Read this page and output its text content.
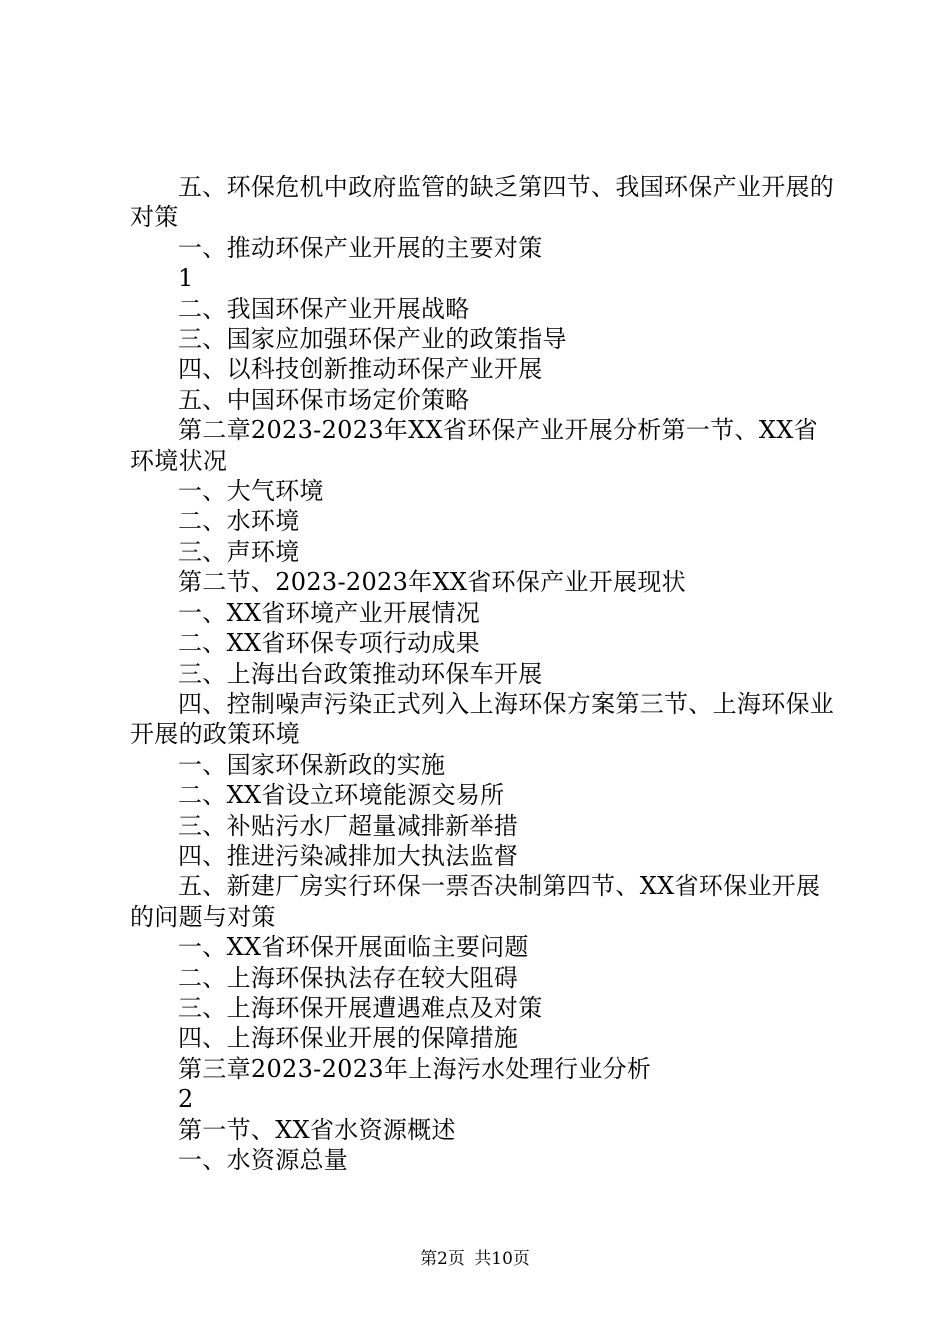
五、环保危机中政府监管的缺乏第四节、我国环保产业开展的对策

一、推动环保产业开展的主要对策

1

二、我国环保产业开展战略

三、国家应加强环保产业的政策指导

四、以科技创新推动环保产业开展

五、中国环保市场定价策略

第二章2023-2023年XX省环保产业开展分析第一节、XX省环境状况

一、大气环境

二、水环境

三、声环境

第二节、2023-2023年XX省环保产业开展现状

一、XX省环境产业开展情况

二、XX省环保专项行动成果

三、上海出台政策推动环保车开展

四、控制噪声污染正式列入上海环保方案第三节、上海环保业开展的政策环境

一、国家环保新政的实施

二、XX省设立环境能源交易所

三、补贴污水厂超量减排新举措

四、推进污染减排加大执法监督

五、新建厂房实行环保一票否决制第四节、XX省环保业开展的问题与对策

一、XX省环保开展面临主要问题

二、上海环保执法存在较大阻碍

三、上海环保开展遭遇难点及对策

四、上海环保业开展的保障措施

第三章2023-2023年上海污水处理行业分析

2

第一节、XX省水资源概述

一、水资源总量

第2页 共10页
